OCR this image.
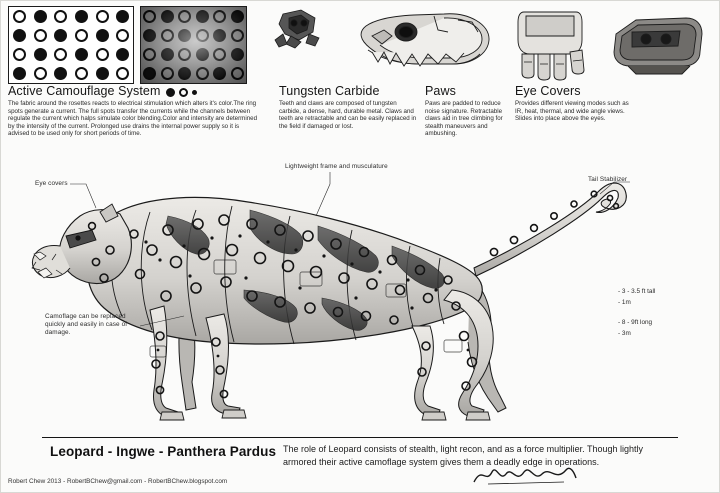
Active Camouflage System

The fabric around the rosettes reacts to electrical stimulation which alters it's color.The ring spots generate a current. The full spots transfer the currents while the channels between regulate the current which halps simulate color blending.Color and intensity are determined by the intensity of the current. Prolonged use drains the internal power supply so it is advised to be used only for short periods of time.

Tungsten Carbide

Teeth and claws are composed of tungsten carbide, a dense, hard, durable metal. Claws and teeth are retractable and can be easily replaced in the field if damaged or lost.

Paws

Paws are padded to reduce noise signature. Retractable claws aid in tree climbing for stealth maneuvers and ambushing.

Eye Covers

Provides different viewing modes such as IR, heat, thermal, and wide angle views. Slides into place above the eyes.

Eye covers
Lightweight frame and musculature
Tail Stabilizer
Camoflage can be replaced quickly and easily in case of damage.
- 3 - 3.5 ft tall
- 1m
- 8 - 9ft long
- 3m
Leopard - Ingwe - Panthera Pardus The role of Leopard consists of stealth, light recon, and as a force multiplier. Though lightly armored their active camoflage system gives them a deadly edge in operations.
Robert Chew 2013 - RobertBChew@gmail.com - RobertBChew.blogspot.com
